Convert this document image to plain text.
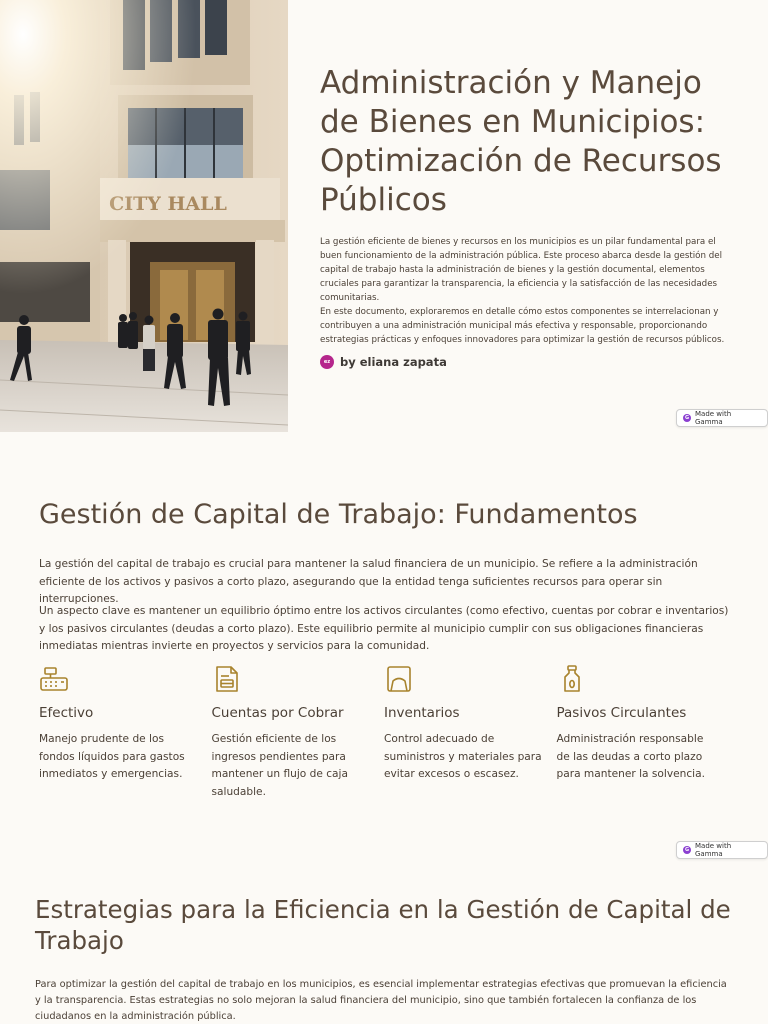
Administración y Manejo de Bienes en Municipios: Optimización de Recursos Públicos

La gestión eficiente de bienes y recursos en los municipios es un pilar fundamental para el buen funcionamiento de la administración pública. Este proceso abarca desde la gestión del capital de trabajo hasta la administración de bienes y la gestión documental, elementos cruciales para garantizar la transparencia, la eficiencia y la satisfacción de las necesidades comunitarias.

En este documento, exploraremos en detalle cómo estos componentes se interrelacionan y contribuyen a una administración municipal más efectiva y responsable, proporcionando estrategias prácticas y enfoques innovadores para optimizar la gestión de recursos públicos.

ez by eliana zapata
G Made with Gamma
Gestión de Capital de Trabajo: Fundamentos

La gestión del capital de trabajo es crucial para mantener la salud financiera de un municipio. Se refiere a la administración eficiente de los activos y pasivos a corto plazo, asegurando que la entidad tenga suficientes recursos para operar sin interrupciones.

Un aspecto clave es mantener un equilibrio óptimo entre los activos circulantes (como efectivo, cuentas por cobrar e inventarios) y los pasivos circulantes (deudas a corto plazo). Este equilibrio permite al municipio cumplir con sus obligaciones financieras inmediatas mientras invierte en proyectos y servicios para la comunidad.

Efectivo
Manejo prudente de los fondos líquidos para gastos inmediatos y emergencias.
Cuentas por Cobrar
Gestión eficiente de los ingresos pendientes para mantener un flujo de caja saludable.
Inventarios
Control adecuado de suministros y materiales para evitar excesos o escasez.
Pasivos Circulantes
Administración responsable de las deudas a corto plazo para mantener la solvencia.
G Made with Gamma
Estrategias para la Eficiencia en la Gestión de Capital de Trabajo

Para optimizar la gestión del capital de trabajo en los municipios, es esencial implementar estrategias efectivas que promuevan la eficiencia y la transparencia. Estas estrategias no solo mejoran la salud financiera del municipio, sino que también fortalecen la confianza de los ciudadanos en la administración pública.
